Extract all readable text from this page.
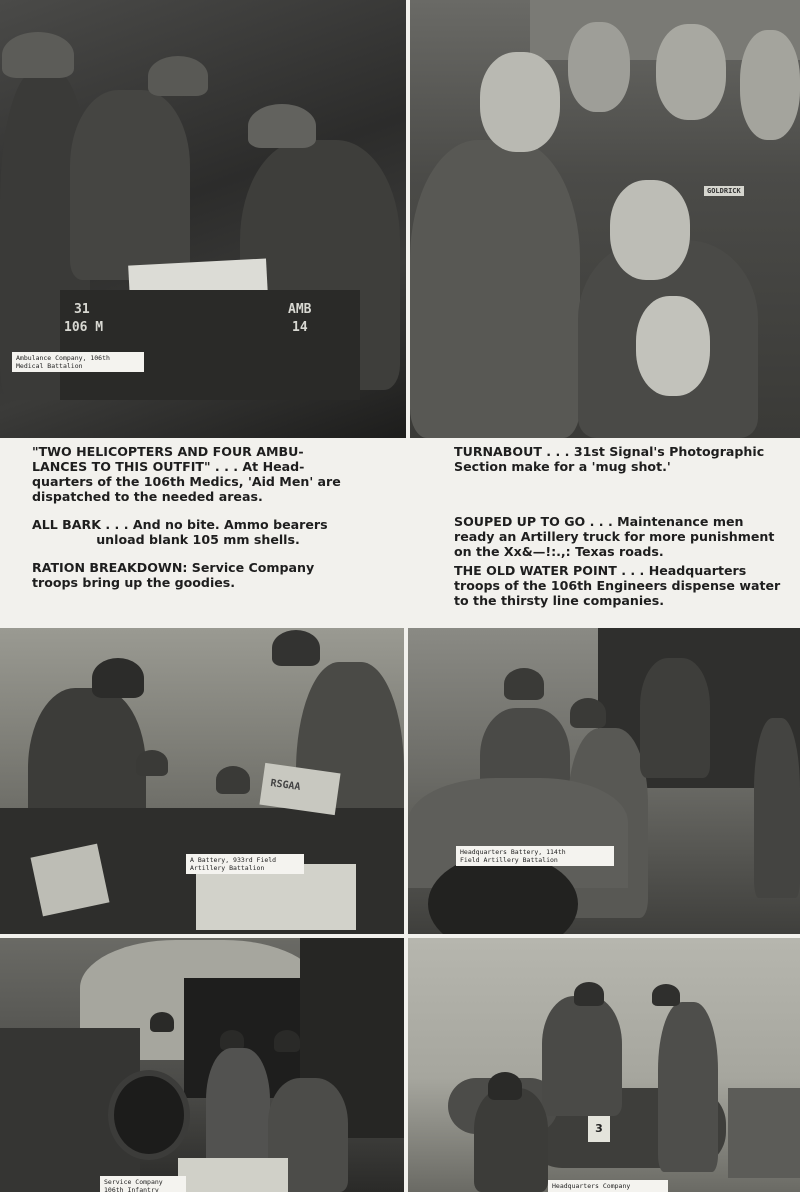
31
106 M
AMB
14
Ambulance Company, 106th
Medical Battalion
GOLDRICK

"TWO HELICOPTERS AND FOUR AMBU-
LANCES TO THIS OUTFIT" . . . At Head-
quarters of the 106th Medics, 'Aid Men' are
dispatched to the needed areas.

ALL BARK . . . And no bite. Ammo bearers
unload blank 105 mm shells.

RATION BREAKDOWN: Service Company
troops bring up the goodies.

TURNABOUT . . . 31st Signal's Photographic
Section make for a 'mug shot.'

SOUPED UP TO GO . . . Maintenance men
ready an Artillery truck for more punishment
on the Xx&—!:.,: Texas roads.

THE OLD WATER POINT . . . Headquarters
troops of the 106th Engineers dispense water
to the thirsty line companies.

RSGAA
A Battery, 933rd Field
Artillery Battalion
Headquarters Battery, 114th
Field Artillery Battalion
Service Company
106th Infantry
3
Headquarters Company
